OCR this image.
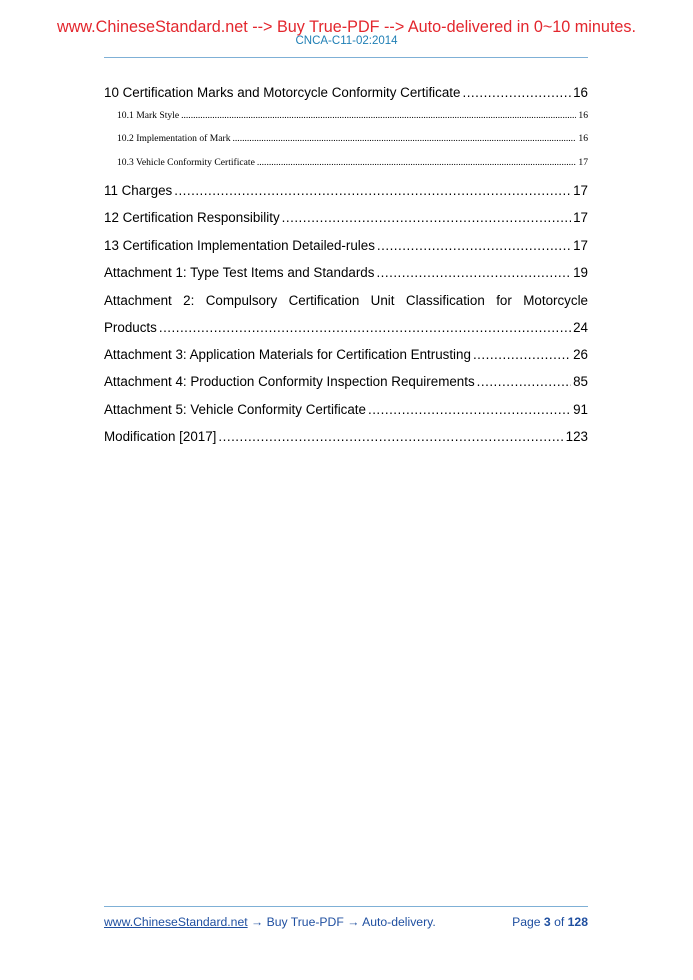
www.ChineseStandard.net --> Buy True-PDF --> Auto-delivered in 0~10 minutes.
CNCA-C11-02:2014
10 Certification Marks and Motorcycle Conformity Certificate .....	16
10.1 Mark Style .....	16
10.2 Implementation of Mark .....	16
10.3 Vehicle Conformity Certificate .....	17
11 Charges .....	17
12 Certification Responsibility .....	17
13 Certification Implementation Detailed-rules .....	17
Attachment 1: Type Test Items and Standards .....	19
Attachment 2: Compulsory Certification Unit Classification for Motorcycle
Products .....	24
Attachment 3: Application Materials for Certification Entrusting .....	26
Attachment 4: Production Conformity Inspection Requirements .....	85
Attachment 5: Vehicle Conformity Certificate .....	91
Modification [2017] .....	123
www.ChineseStandard.net → Buy True-PDF → Auto-delivery.	Page 3 of 128
